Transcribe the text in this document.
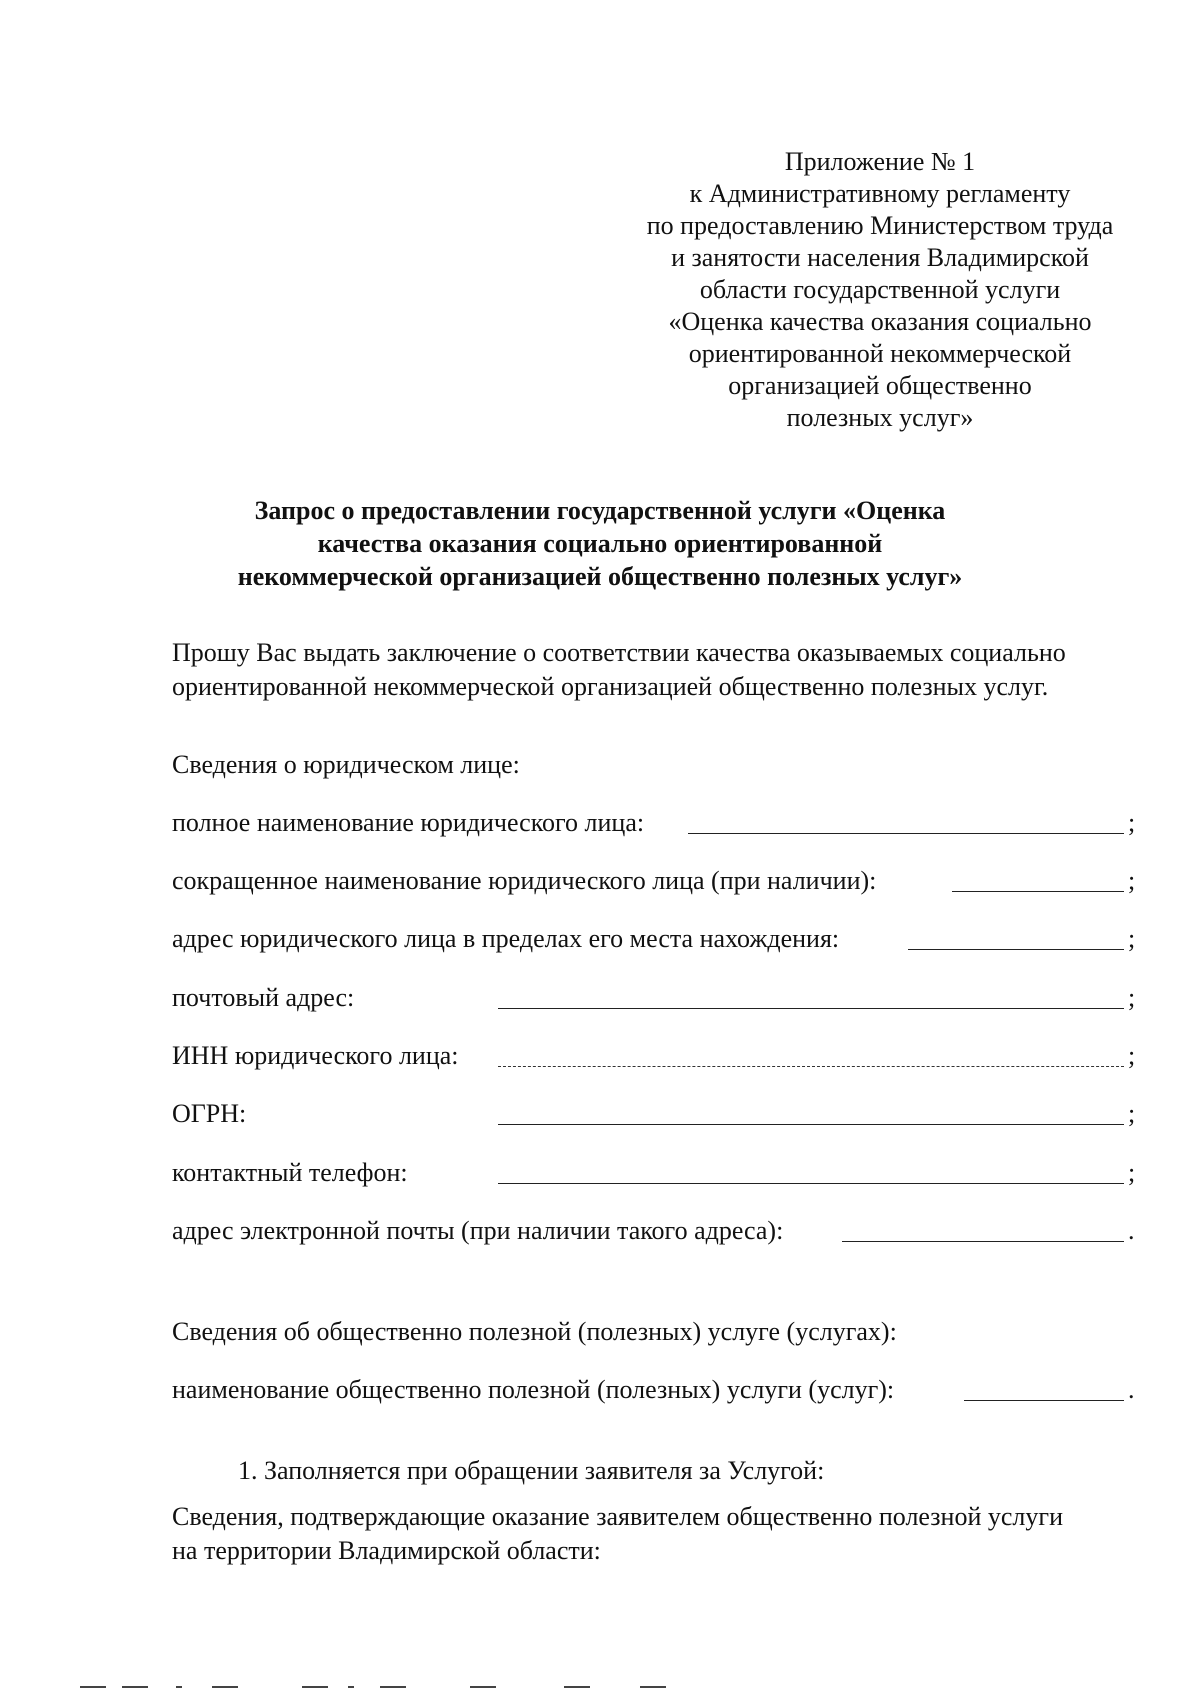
Приложение № 1
к Административному регламенту
по предоставлению Министерством труда
и занятости населения Владимирской
области государственной услуги
«Оценка качества оказания социально
ориентированной некоммерческой
организацией общественно
полезных услуг»
Запрос о предоставлении государственной услуги «Оценка
качества оказания социально ориентированной
некоммерческой организацией общественно полезных услуг»
Прошу Вас выдать заключение о соответствии качества оказываемых социально
ориентированной некоммерческой организацией общественно полезных услуг.
Сведения о юридическом лице:
полное наименование юридического лица:	;
сокращенное наименование юридического лица (при наличии):	;
адрес юридического лица в пределах его места нахождения:	;
почтовый адрес:	;
ИНН юридического лица:	;
ОГРН:	;
контактный телефон:	;
адрес электронной почты (при наличии такого адреса):	.
Сведения об общественно полезной (полезных) услуге (услугах):
наименование общественно полезной (полезных) услуги (услуг):	.
1. Заполняется при обращении заявителя за Услугой:
Сведения, подтверждающие оказание заявителем общественно полезной услуги
на территории Владимирской области:
